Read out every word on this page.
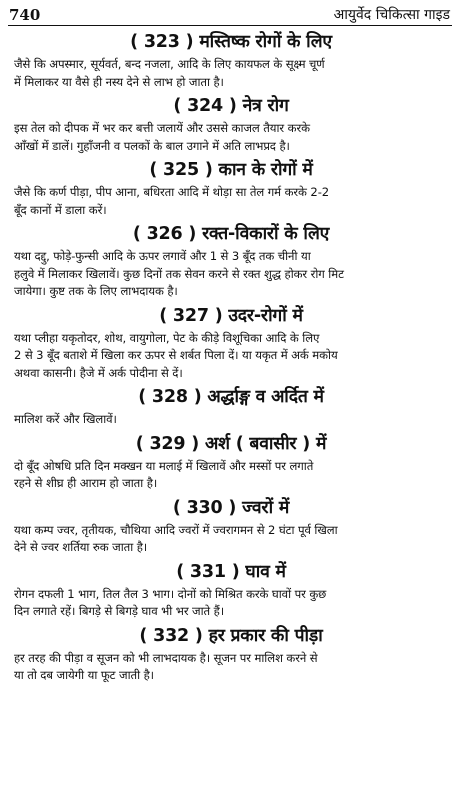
740	आयुर्वेद चिकित्सा गाइड
( 323 ) मस्तिष्क रोगों के लिए
जैसे कि अपस्मार, सूर्यवर्त, बन्द नजला, आदि के लिए कायफल के सूक्ष्म चूर्ण
में मिलाकर या वैसे ही नस्य देने से लाभ हो जाता है।
( 324 ) नेत्र रोग
इस तेल को दीपक में भर कर बत्ती जलायें और उससे काजल तैयार करके
आँखों में डालें। गुहाँजनी व पलकों के बाल उगाने में अति लाभप्रद है।
( 325 ) कान के रोगों में
जैसे कि कर्ण पीड़ा, पीप आना, बधिरता आदि में थोड़ा सा तेल गर्म करके 2-2
बूँद कानों में डाला करें।
( 326 ) रक्त-विकारों के लिए
यथा दद्दु, फोड़े-फुन्सी आदि के ऊपर लगावें और 1 से 3 बूँद तक चीनी या
हलुवे में मिलाकर खिलावें। कुछ दिनों तक सेवन करने से रक्त शुद्ध होकर रोग मिट
जायेगा। कुष्ट तक के लिए लाभदायक है।
( 327 ) उदर-रोगों में
यथा प्लीहा यकृतोदर, शोथ, वायुगोला, पेट के कीड़े विशूचिका आदि के लिए
2 से 3 बूँद बताशे में खिला कर ऊपर से शर्बत पिला दें। या यकृत में अर्क मकोय
अथवा कासनी। हैजे में अर्क पोदीना से दें।
( 328 ) अर्द्धाङ्ग व अर्दित में
मालिश करें और खिलावें।
( 329 ) अर्श ( बवासीर ) में
दो बूँद ओषधि प्रति दिन मक्खन या मलाई में खिलावें और मस्सों पर लगाते
रहने से शीघ्र ही आराम हो जाता है।
( 330 ) ज्वरों में
यथा कम्प ज्वर, तृतीयक, चौथिया आदि ज्वरों में ज्वरागमन से 2 घंटा पूर्व खिला
देने से ज्वर शर्तिया रुक जाता है।
( 331 ) घाव में
रोगन दफली 1 भाग, तिल तैल 3 भाग। दोनों को मिश्रित करके घावों पर कुछ
दिन लगाते रहें। बिगड़े से बिगड़े घाव भी भर जाते हैं।
( 332 ) हर प्रकार की पीड़ा
हर तरह की पीड़ा व सूजन को भी लाभदायक है। सूजन पर मालिश करने से
या तो दब जायेगी या फूट जाती है।
